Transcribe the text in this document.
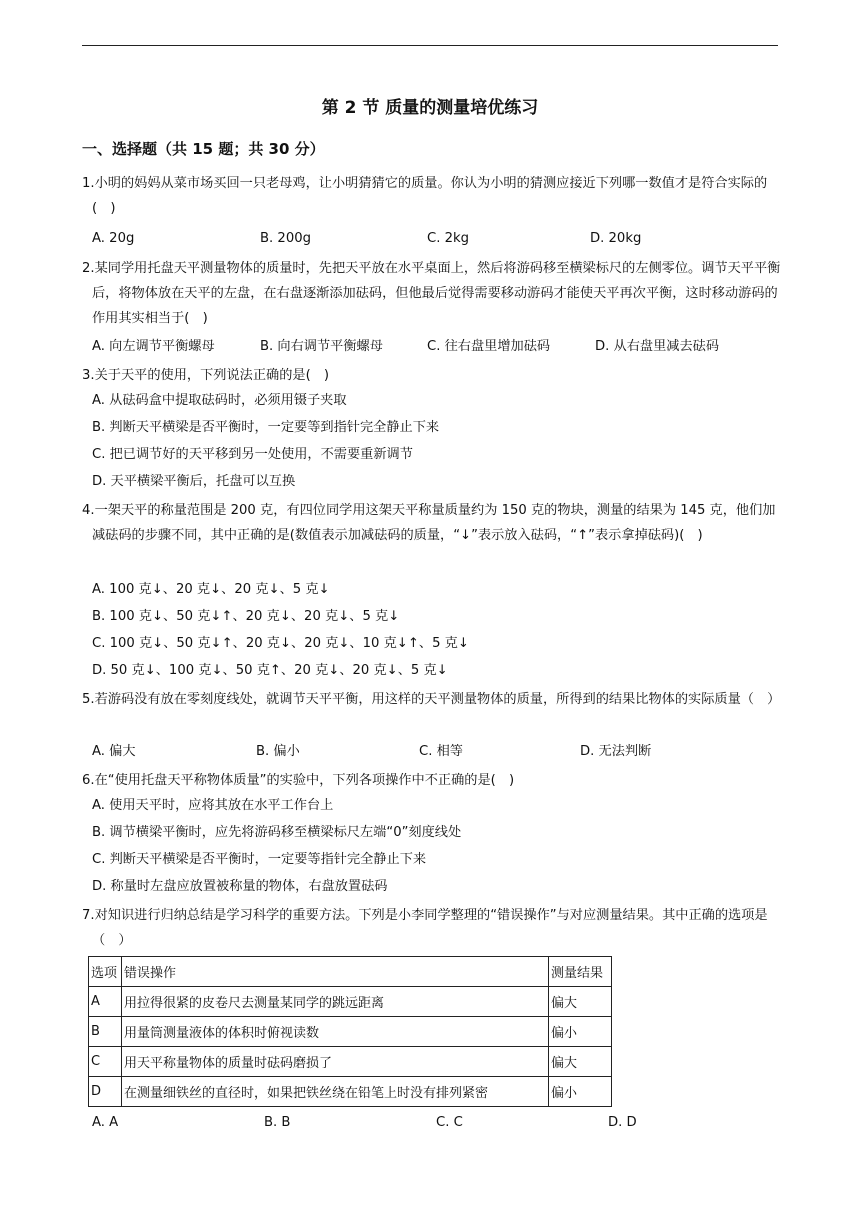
第 2 节 质量的测量培优练习
一、选择题（共 15 题；共 30 分）
1.小明的妈妈从菜市场买回一只老母鸡，让小明猜猜它的质量。你认为小明的猜测应接近下列哪一数值才是符合实际的(　)
A. 20g	B. 200g	C. 2kg	D. 20kg
2.某同学用托盘天平测量物体的质量时，先把天平放在水平桌面上，然后将游码移至横梁标尺的左侧零位。调节天平平衡后，将物体放在天平的左盘，在右盘逐渐添加砝码，但他最后觉得需要移动游码才能使天平再次平衡，这时移动游码的作用其实相当于(　)
A. 向左调节平衡螺母	B. 向右调节平衡螺母	C. 往右盘里增加砝码	D. 从右盘里减去砝码
3.关于天平的使用，下列说法正确的是(　)
A. 从砝码盒中提取砝码时，必须用镊子夹取
B. 判断天平横梁是否平衡时，一定要等到指针完全静止下来
C. 把已调节好的天平移到另一处使用，不需要重新调节
D. 天平横梁平衡后，托盘可以互换
4.一架天平的称量范围是 200 克，有四位同学用这架天平称量质量约为 150 克的物块，测量的结果为 145 克，他们加减砝码的步骤不同，其中正确的是(数值表示加减砝码的质量，“↓”表示放入砝码，“↑”表示拿掉砝码)(　)
A. 100 克↓、20 克↓、20 克↓、5 克↓
B. 100 克↓、50 克↓↑、20 克↓、20 克↓、5 克↓
C. 100 克↓、50 克↓↑、20 克↓、20 克↓、10 克↓↑、5 克↓
D. 50 克↓、100 克↓、50 克↑、20 克↓、20 克↓、5 克↓
5.若游码没有放在零刻度线处，就调节天平平衡，用这样的天平测量物体的质量，所得到的结果比物体的实际质量（　）
A. 偏大	B. 偏小	C. 相等	D. 无法判断
6.在“使用托盘天平称物体质量”的实验中，下列各项操作中不正确的是(　)
A. 使用天平时，应将其放在水平工作台上
B. 调节横梁平衡时，应先将游码移至横梁标尺左端“0”刻度线处
C. 判断天平横梁是否平衡时，一定要等指针完全静止下来
D. 称量时左盘应放置被称量的物体，右盘放置砝码
7.对知识进行归纳总结是学习科学的重要方法。下列是小李同学整理的“错误操作”与对应测量结果。其中正确的选项是（　）
选项	错误操作	测量结果
A	用拉得很紧的皮卷尺去测量某同学的跳远距离	偏大
B	用量筒测量液体的体积时俯视读数	偏小
C	用天平称量物体的质量时砝码磨损了	偏大
D	在测量细铁丝的直径时，如果把铁丝绕在铅笔上时没有排列紧密	偏小
A. A	B. B	C. C	D. D
